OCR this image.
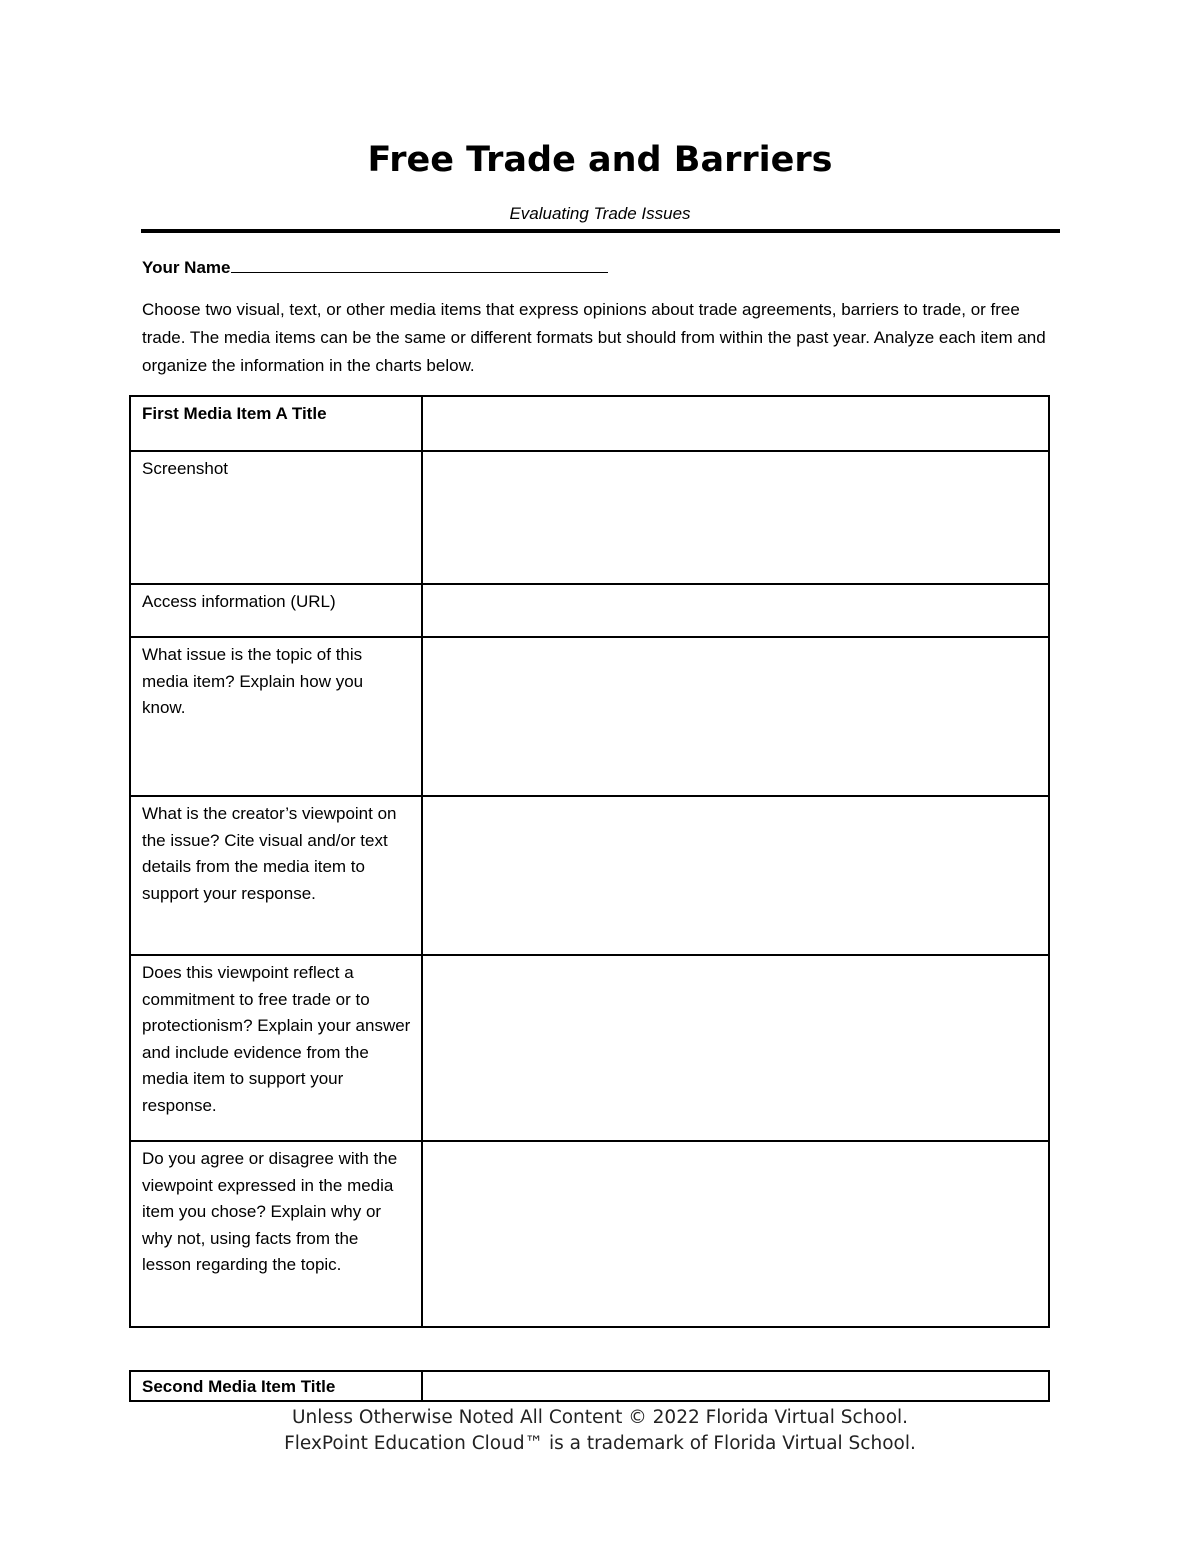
Free Trade and Barriers
Evaluating Trade Issues
Your Name

Choose two visual, text, or other media items that express opinions about trade agreements, barriers to trade, or free trade. The media items can be the same or different formats but should from within the past year. Analyze each item and organize the information in the charts below.

First Media Item A Title	
Screenshot	
Access information (URL)	
What issue is the topic of this media item? Explain how you know.	
What is the creator’s viewpoint on the issue? Cite visual and/or text details from the media item to support your response.	
Does this viewpoint reflect a commitment to free trade or to protectionism? Explain your answer and include evidence from the media item to support your response.	
Do you agree or disagree with the viewpoint expressed in the media item you chose? Explain why or why not, using facts from the lesson regarding the topic.	
Second Media Item Title	
Unless Otherwise Noted All Content © 2022 Florida Virtual School.
FlexPoint Education Cloud™ is a trademark of Florida Virtual School.
